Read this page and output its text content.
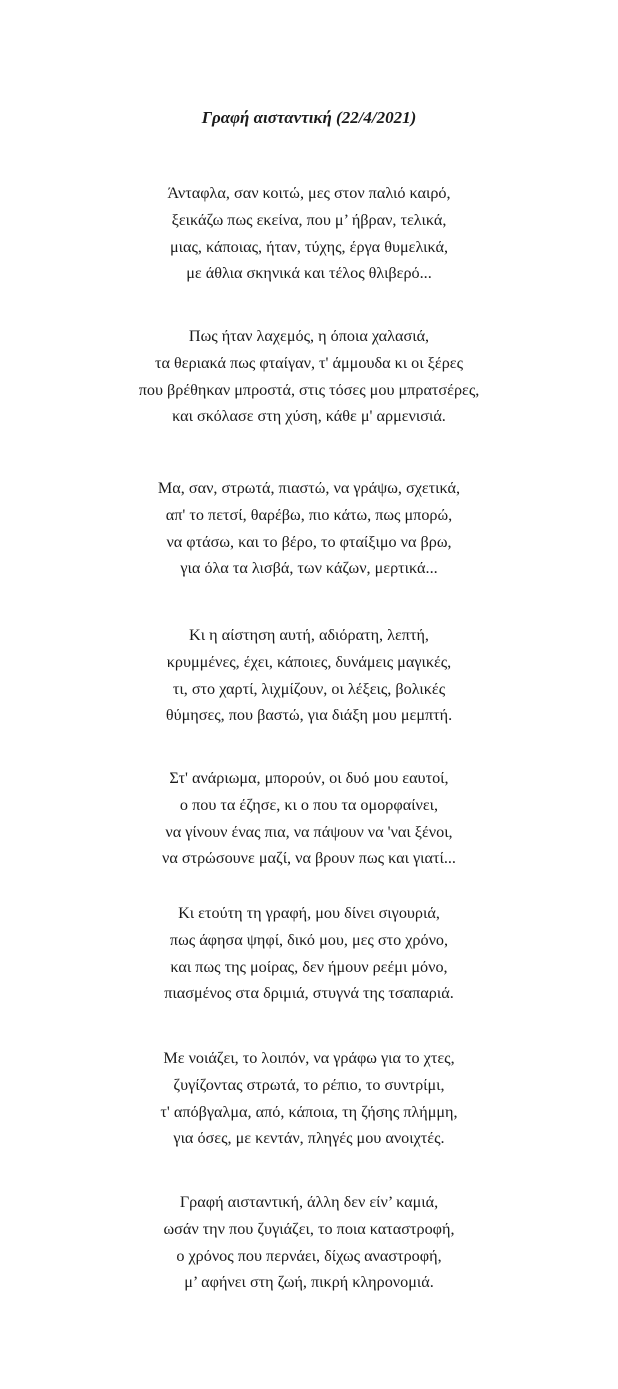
Γραφή αισταντική (22/4/2021)
Άνταφλα, σαν κοιτώ, μες στον παλιό καιρό,
ξεικάζω πως εκείνα, που μ’ ήβραν, τελικά,
μιας, κάποιας, ήταν, τύχης, έργα θυμελικά,
με άθλια σκηνικά και τέλος θλιβερό...
Πως ήταν λαχεμός, η όποια χαλασιά,
τα θεριακά πως φταίγαν, τ' άμμουδα κι οι ξέρες
που βρέθηκαν μπροστά, στις τόσες μου μπρατσέρες,
και σκόλασε στη χύση, κάθε μ' αρμενισιά.
Μα, σαν, στρωτά, πιαστώ, να γράψω, σχετικά,
απ' το πετσί, θαρέβω, πιο κάτω, πως μπορώ,
να φτάσω, και το βέρο, το φταίξιμο να βρω,
για όλα τα λισβά, των κάζων, μερτικά...
Κι η αίστηση αυτή, αδιόρατη, λεπτή,
κρυμμένες, έχει, κάποιες, δυνάμεις μαγικές,
τι, στο χαρτί, λιχμίζουν, οι λέξεις, βολικές
θύμησες, που βαστώ, για διάξη μου μεμπτή.
Στ' ανάριωμα, μπορούν, οι δυό μου εαυτοί,
ο που τα έζησε, κι ο που τα ομορφαίνει,
να γίνουν ένας πια, να πάψουν να 'ναι ξένοι,
να στρώσουνε μαζί, να βρουν πως και γιατί...
Κι ετούτη τη γραφή, μου δίνει σιγουριά,
πως άφησα ψηφί, δικό μου, μες στο χρόνο,
και πως της μοίρας, δεν ήμουν ρεέμι μόνο,
πιασμένος στα δριμιά, στυγνά της τσαπαριά.
Με νοιάζει, το λοιπόν, να γράφω για το χτες,
ζυγίζοντας στρωτά, το ρέπιο, το συντρίμι,
τ' απόβγαλμα, από, κάποια, τη ζήσης πλήμμη,
για όσες, με κεντάν, πληγές μου ανοιχτές.
Γραφή αισταντική, άλλη δεν είν’ καμιά,
ωσάν την που ζυγιάζει, το ποια καταστροφή,
ο χρόνος που περνάει, δίχως αναστροφή,
μ’ αφήνει στη ζωή, πικρή κληρονομιά.
